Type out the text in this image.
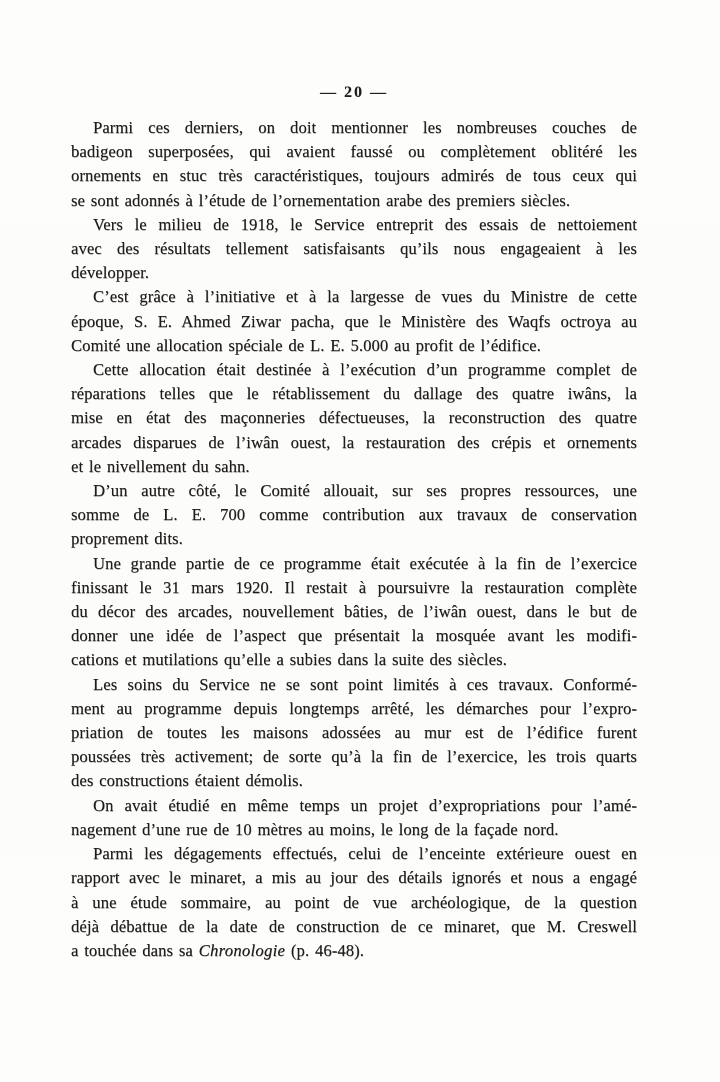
— 20 —

Parmi ces derniers, on doit mentionner les nombreuses couches de
badigeon superposées, qui avaient faussé ou complètement oblitéré les
ornements en stuc très caractéristiques, toujours admirés de tous ceux qui
se sont adonnés à l’étude de l’ornementation arabe des premiers siècles.

Vers le milieu de 1918, le Service entreprit des essais de nettoiement
avec des résultats tellement satisfaisants qu’ils nous engageaient à les
développer.

C’est grâce à l’initiative et à la largesse de vues du Ministre de cette
époque, S. E. Ahmed Ziwar pacha, que le Ministère des Waqfs octroya au
Comité une allocation spéciale de L. E. 5.000 au profit de l’édifice.

Cette allocation était destinée à l’exécution d’un programme complet de
réparations telles que le rétablissement du dallage des quatre iwâns, la
mise en état des maçonneries défectueuses, la reconstruction des quatre
arcades disparues de l’iwân ouest, la restauration des crépis et ornements
et le nivellement du sahn.

D’un autre côté, le Comité allouait, sur ses propres ressources, une
somme de L. E. 700 comme contribution aux travaux de conservation
proprement dits.

Une grande partie de ce programme était exécutée à la fin de l’exercice
finissant le 31 mars 1920. Il restait à poursuivre la restauration complète
du décor des arcades, nouvellement bâties, de l’iwân ouest, dans le but de
donner une idée de l’aspect que présentait la mosquée avant les modifi-
cations et mutilations qu’elle a subies dans la suite des siècles.

Les soins du Service ne se sont point limités à ces travaux. Conformé-
ment au programme depuis longtemps arrêté, les démarches pour l’expro-
priation de toutes les maisons adossées au mur est de l’édifice furent
poussées très activement; de sorte qu’à la fin de l’exercice, les trois quarts
des constructions étaient démolis.

On avait étudié en même temps un projet d’expropriations pour l’amé-
nagement d’une rue de 10 mètres au moins, le long de la façade nord.

Parmi les dégagements effectués, celui de l’enceinte extérieure ouest en
rapport avec le minaret, a mis au jour des détails ignorés et nous a engagé
à une étude sommaire, au point de vue archéologique, de la question
déjà débattue de la date de construction de ce minaret, que M. Creswell
a touchée dans sa Chronologie (p. 46-48).
